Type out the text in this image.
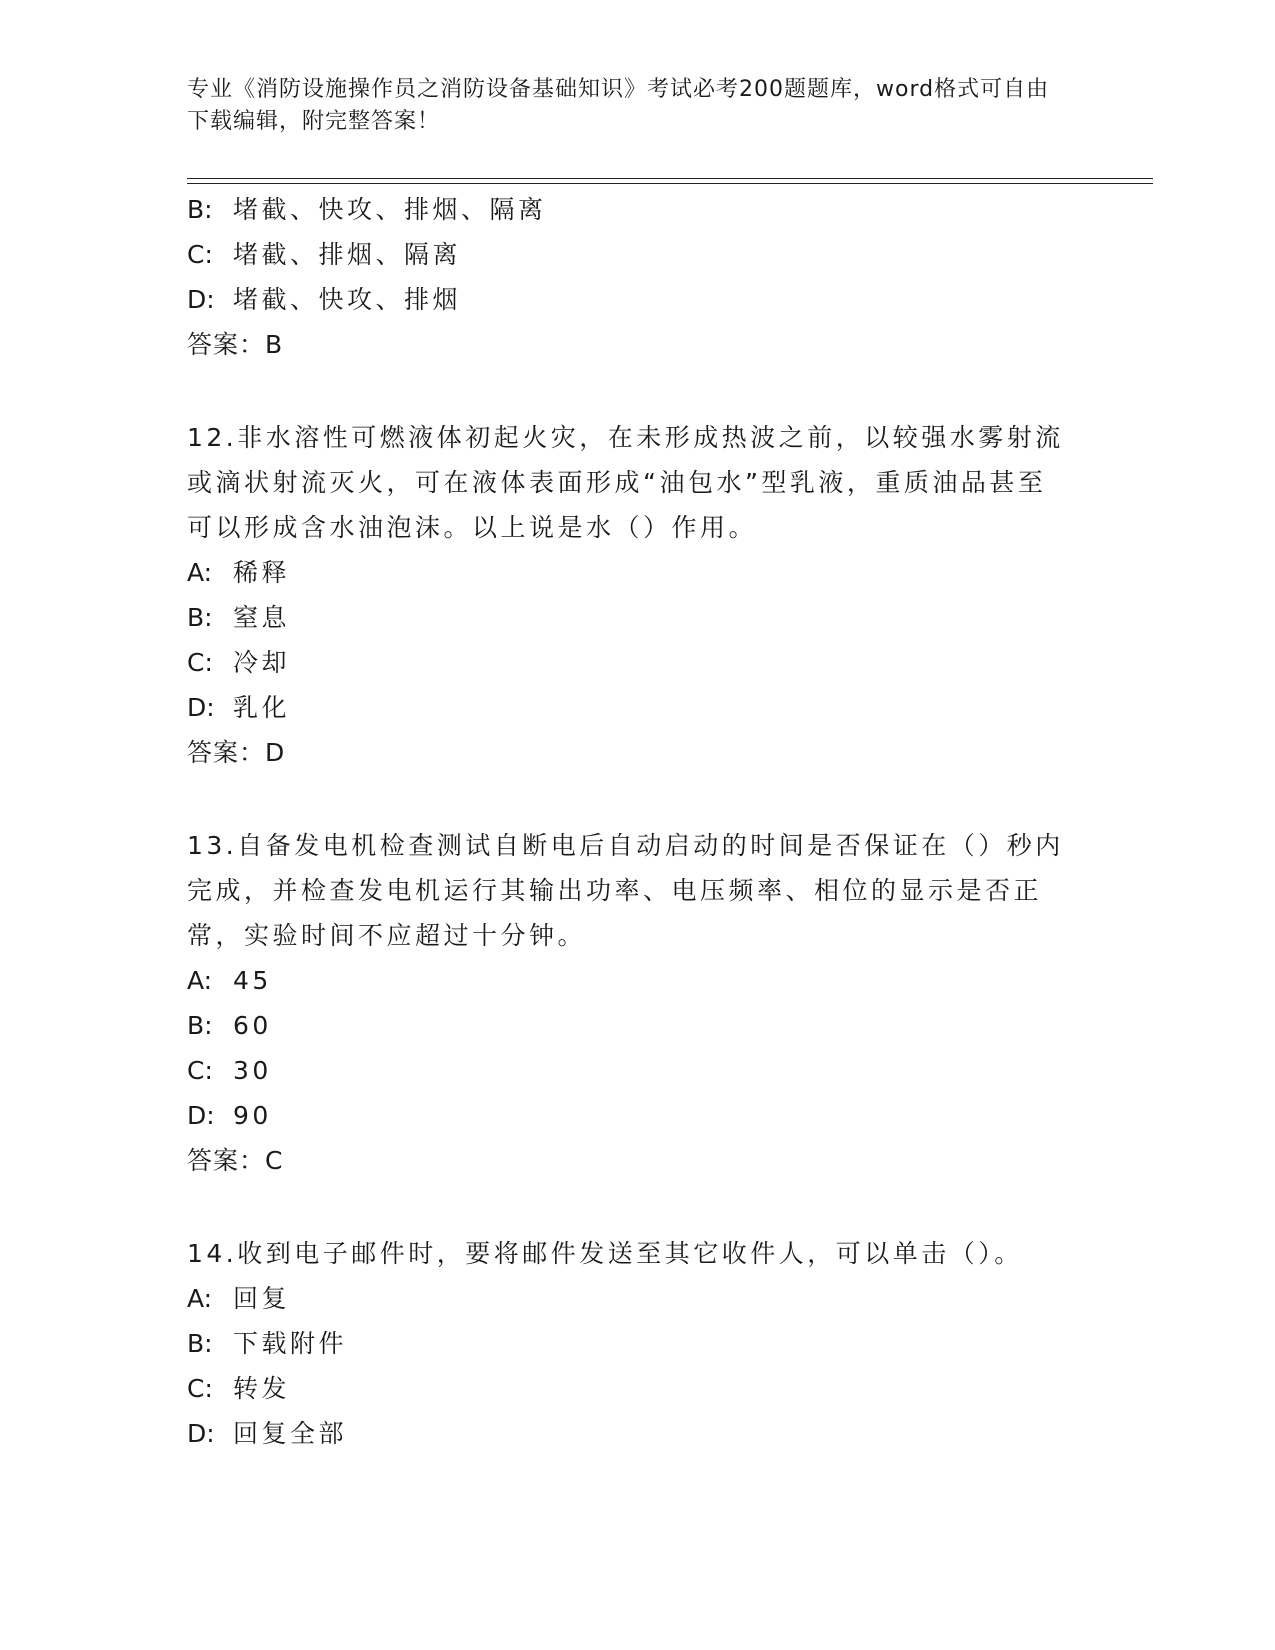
专业《消防设施操作员之消防设备基础知识》考试必考200题题库，word格式可自由下载编辑，附完整答案！
B: 堵截、快攻、排烟、隔离
C: 堵截、排烟、隔离
D: 堵截、快攻、排烟
答案：B
12.非水溶性可燃液体初起火灾，在未形成热波之前，以较强水雾射流或滴状射流灭火，可在液体表面形成“油包水”型乳液，重质油品甚至可以形成含水油泡沫。以上说是水（）作用。
A: 稀释
B: 窒息
C: 冷却
D: 乳化
答案：D
13.自备发电机检查测试自断电后自动启动的时间是否保证在（）秒内完成，并检查发电机运行其输出功率、电压频率、相位的显示是否正常，实验时间不应超过十分钟。
A: 45
B: 60
C: 30
D: 90
答案：C
14.收到电子邮件时，要将邮件发送至其它收件人，可以单击（）。
A: 回复
B: 下载附件
C: 转发
D: 回复全部
